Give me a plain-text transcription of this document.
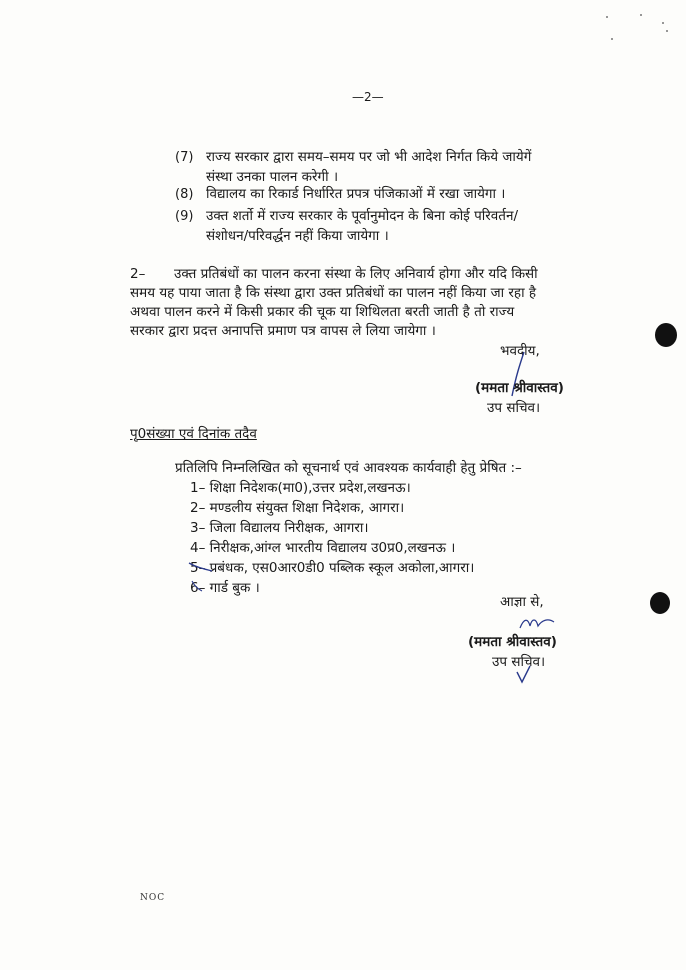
—2—
(7) राज्य सरकार द्वारा समय–समय पर जो भी आदेश निर्गत किये जायेगें
संस्था उनका पालन करेगी ।
(8) विद्यालय का रिकार्ड निर्धारित प्रपत्र पंजिकाओं में रखा जायेगा ।
(9) उक्त शर्तो में राज्य सरकार के पूर्वानुमोदन के बिना कोई परिवर्तन/
संशोधन/परिवर्द्धन नहीं किया जायेगा ।
2– उक्त प्रतिबंधों का पालन करना संस्था के लिए अनिवार्य होगा और यदि किसी
समय यह पाया जाता है कि संस्था द्वारा उक्त प्रतिबंधों का पालन नहीं किया जा रहा है
अथवा पालन करने में किसी प्रकार की चूक या शिथिलता बरती जाती है तो राज्य
सरकार द्वारा प्रदत्त अनापत्ति प्रमाण पत्र वापस ले लिया जायेगा ।
भवदीय,
(ममता श्रीवास्तव)
उप सचिव।
पृ0संख्या एवं दिनांक तदैव
प्रतिलिपि निम्नलिखित को सूचनार्थ एवं आवश्यक कार्यवाही हेतु प्रेषित :–
1– शिक्षा निदेशक(मा0),उत्तर प्रदेश,लखनऊ।
2– मण्डलीय संयुक्त शिक्षा निदेशक, आगरा।
3– जिला विद्यालय निरीक्षक, आगरा।
4– निरीक्षक,आंग्ल भारतीय विद्यालय उ0प्र0,लखनऊ ।
5– प्रबंधक, एस0आर0डी0 पब्लिक स्कूल अकोला,आगरा।
6– गार्ड बुक ।
आज्ञा से,
(ममता श्रीवास्तव)
उप सचिव।
NOC
